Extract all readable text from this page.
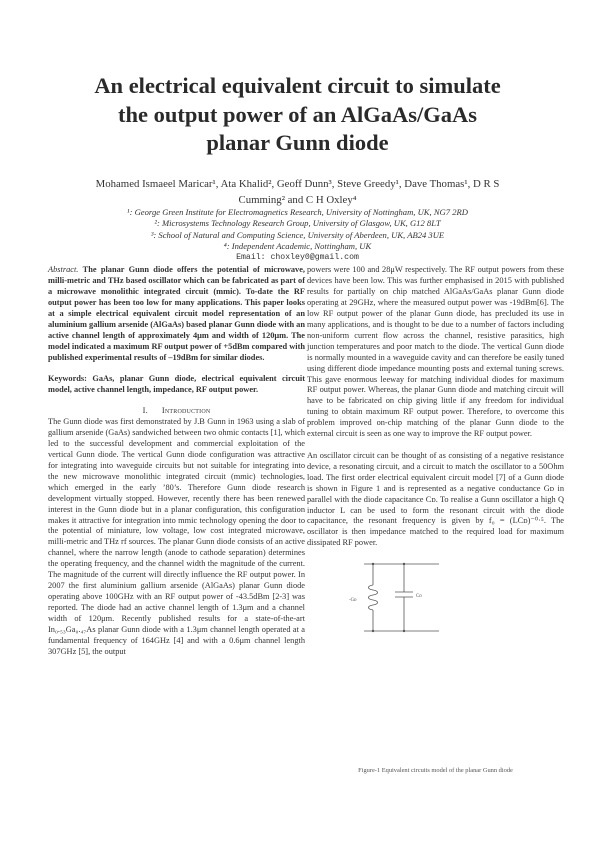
An electrical equivalent circuit to simulate
the output power of an AlGaAs/GaAs
planar Gunn diode
Mohamed Ismaeel Maricar¹, Ata Khalid², Geoff Dunn³, Steve Greedy¹, Dave Thomas¹, D R S
Cumming² and C H Oxley⁴
¹: George Green Institute for Electromagnetics Research, University of Nottingham, UK, NG7 2RD
²: Microsystems Technology Research Group, University of Glasgow, UK, G12 8LT
³: School of Natural and Computing Science, University of Aberdeen, UK, AB24 3UE
⁴: Independent Academic, Nottingham, UK
Email: choxley0@gmail.com

Abstract. The planar Gunn diode offers the potential of microwave, milli-metric and THz based oscillator which can be fabricated as part of a microwave monolithic integrated circuit (mmic). To-date the RF output power has been too low for many applications. This paper looks at a simple electrical equivalent circuit model representation of an aluminium gallium arsenide (AlGaAs) based planar Gunn diode with an active channel length of approximately 4μm and width of 120μm. The model indicated a maximum RF output power of +5dBm compared with published experimental results of –19dBm for similar diodes.

Keywords: GaAs, planar Gunn diode, electrical equivalent circuit model, active channel length, impedance, RF output power.

I. Introduction

The Gunn diode was first demonstrated by J.B Gunn in 1963 using a slab of gallium arsenide (GaAs) sandwiched between two ohmic contacts [1], which led to the successful development and commercial exploitation of the vertical Gunn diode. The vertical Gunn diode configuration was attractive for integrating into waveguide circuits but not suitable for integrating into the new microwave monolithic integrated circuit (mmic) technologies, which emerged in the early ’80’s. Therefore Gunn diode research development virtually stopped. However, recently there has been renewed interest in the Gunn diode but in a planar configuration, this configuration makes it attractive for integration into mmic technology opening the door to the potential of miniature, low voltage, low cost integrated microwave, milli-metric and THz rf sources. The planar Gunn diode consists of an active channel, where the narrow length (anode to cathode separation) determines the operating frequency, and the channel width the magnitude of the current. The magnitude of the current will directly influence the RF output power. In 2007 the first aluminium gallium arsenide (AlGaAs) planar Gunn diode operating above 100GHz with an RF output power of -43.5dBm [2-3] was reported. The diode had an active channel length of 1.3μm and a channel width of 120μm. Recently published results for a state-of-the-art In₀.₅₃Ga₀.₄₇As planar Gunn diode with a 1.3μm channel length operated at a fundamental frequency of 164GHz [4] and with a 0.6μm channel length 307GHz [5], the output

powers were 100 and 28μW respectively. The RF output powers from these devices have been low. This was further emphasised in 2015 with published results for partially on chip matched AlGaAs/GaAs planar Gunn diode operating at 29GHz, where the measured output power was -19dBm[6]. The low RF output power of the planar Gunn diode, has precluded its use in many applications, and is thought to be due to a number of factors including non-uniform current flow across the channel, resistive parasitics, high junction temperatures and poor match to the diode. The vertical Gunn diode is normally mounted in a waveguide cavity and can therefore be easily tuned using different diode impedance mounting posts and external tuning screws. This gave enormous leeway for matching individual diodes for maximum RF output power. Whereas, the planar Gunn diode and matching circuit will have to be fabricated on chip giving little if any freedom for individual tuning to obtain maximum RF output power. Therefore, to overcome this problem improved on-chip matching of the planar Gunn diode to the external circuit is seen as one way to improve the RF output power.

An oscillator circuit can be thought of as consisting of a negative resistance device, a resonating circuit, and a circuit to match the oscillator to a 50Ohm load. The first order electrical equivalent circuit model [7] of a Gunn diode is shown in Figure 1 and is represented as a negative conductance Gᴅ in parallel with the diode capacitance Cᴅ. To realise a Gunn oscillator a high Q inductor L can be used to form the resonant circuit with the diode capacitance, the resonant frequency is given by f₀ = (LCᴅ)⁻⁰·⁵. The oscillator is then impedance matched to the required load for maximum dissipated RF power.

-Gᴅ
Cᴅ
Figure-1 Equivalent circuits model of the planar Gunn diode
